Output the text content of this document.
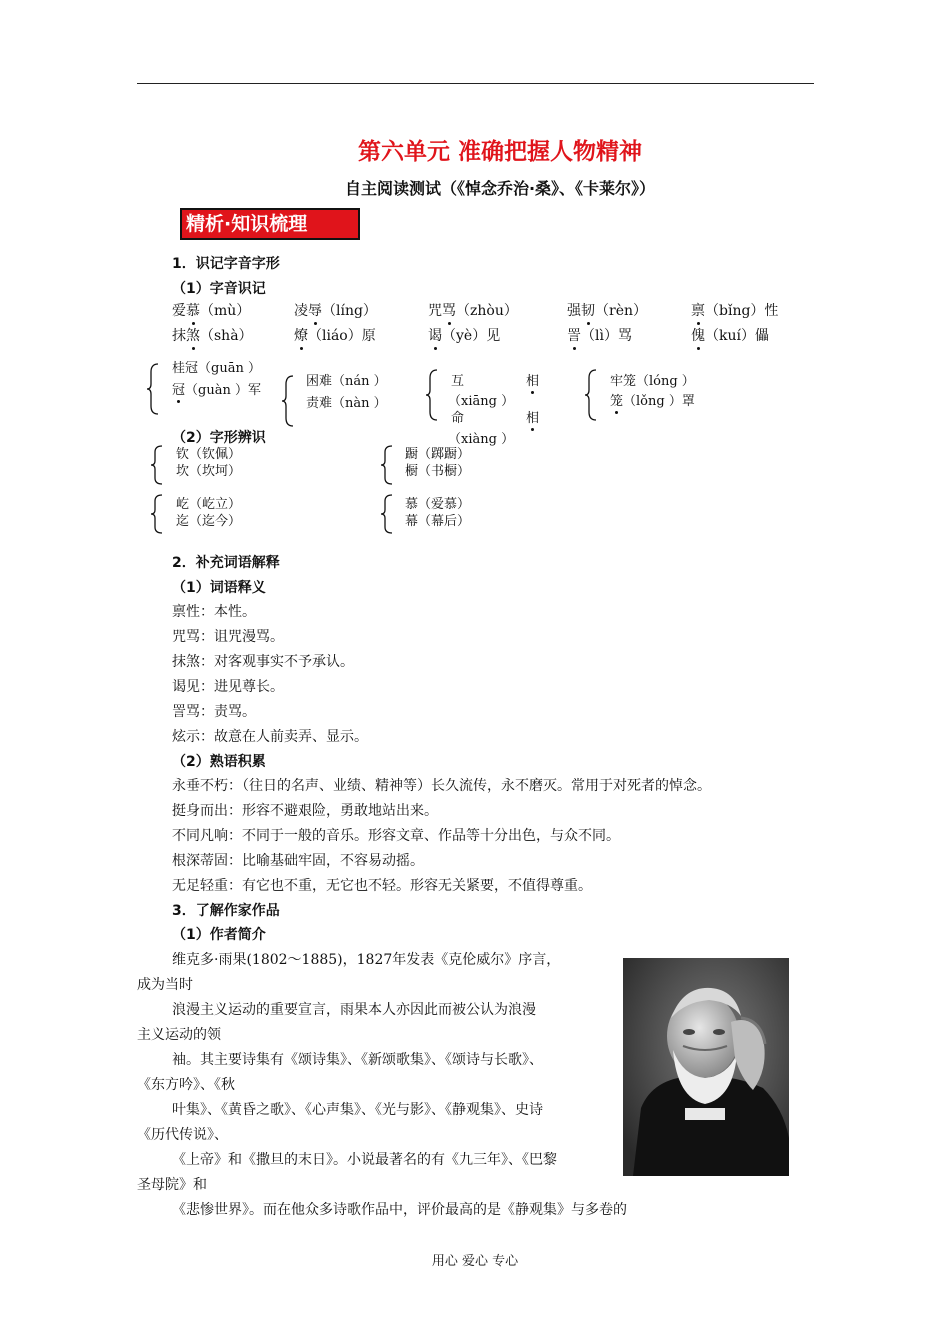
第六单元 准确把握人物精神
自主阅读测试（《悼念乔治·桑》、《卡莱尔》）
精析·知识梳理
1．识记字音字形
（1）字音识记
爱慕（mù）	凌辱（líng）	咒骂（zhòu）	强韧（rèn）	禀（bǐng）性
抹煞（shà）	燎（liáo）原	谒（yè）见	詈（lì）骂	傀（kuí）儡
桂冠（guān ）
冠（guàn ）军
困难（nán ）
责难（nàn ）
互	相
（xiāng ）
命	相
（xiàng ）
牢笼（lóng ）
笼（lǒng ）罩
（2）字形辨识
钦（钦佩）
坎（坎坷）
蹰（踯蹰）
橱（书橱）
屹（屹立）
迄（迄今）
慕（爱慕）
幕（幕后）
2．补充词语解释
（1）词语释义
禀性：本性。
咒骂：诅咒漫骂。
抹煞：对客观事实不予承认。
谒见：进见尊长。
詈骂：责骂。
炫示：故意在人前卖弄、显示。
（2）熟语积累
永垂不朽：（往日的名声、业绩、精神等）长久流传，永不磨灭。常用于对死者的悼念。
挺身而出：形容不避艰险，勇敢地站出来。
不同凡响：不同于一般的音乐。形容文章、作品等十分出色，与众不同。
根深蒂固：比喻基础牢固，不容易动摇。
无足轻重：有它也不重，无它也不轻。形容无关紧要，不值得尊重。
3．了解作家作品
（1）作者简介
维克多·雨果(1802～1885)，1827年发表《克伦威尔》序言，
成为当时
浪漫主义运动的重要宣言，雨果本人亦因此而被公认为浪漫
主义运动的领
袖。其主要诗集有《颂诗集》、《新颂歌集》、《颂诗与长歌》、
《东方吟》、《秋
叶集》、《黄昏之歌》、《心声集》、《光与影》、《静观集》、史诗
《历代传说》、
《上帝》和《撒旦的末日》。小说最著名的有《九三年》、《巴黎
圣母院》和
《悲惨世界》。而在他众多诗歌作品中，评价最高的是《静观集》与多卷的
用心 爱心 专心
